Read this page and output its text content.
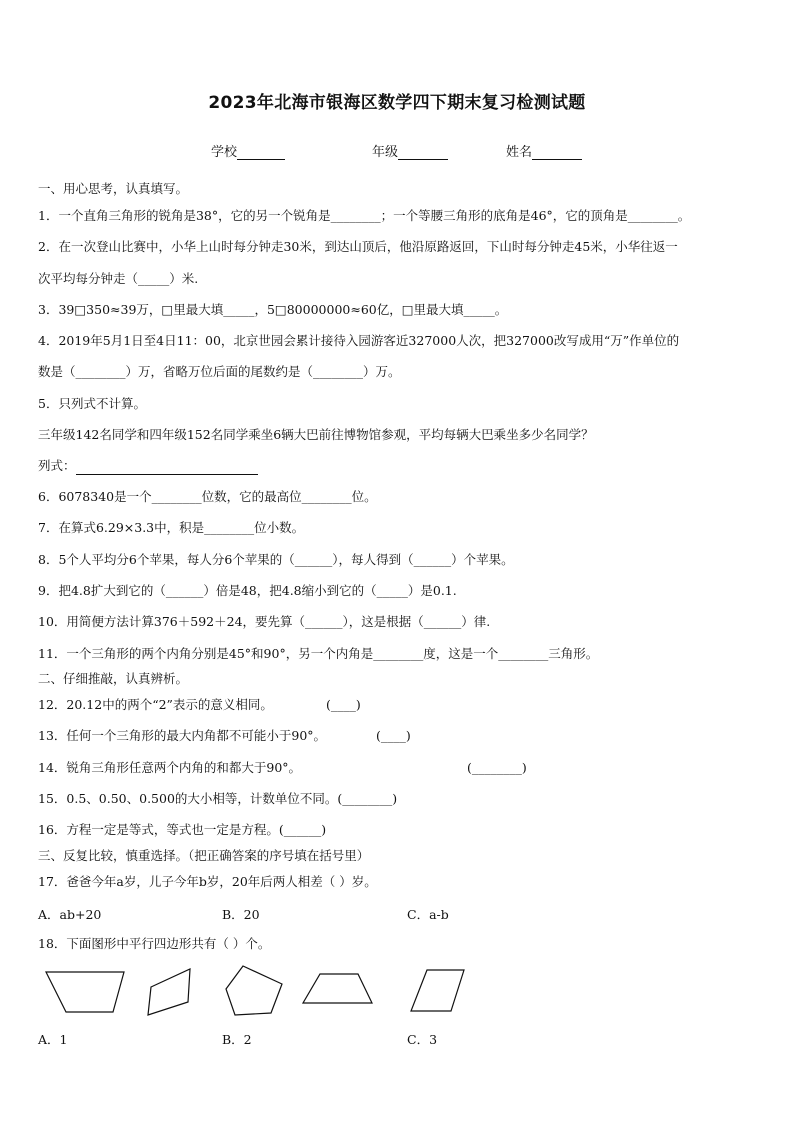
2023年北海市银海区数学四下期末复习检测试题
学校	年级	姓名
一、用心思考，认真填写。
1．一个直角三角形的锐角是38°，它的另一个锐角是________；一个等腰三角形的底角是46°，它的顶角是________。
2．在一次登山比赛中，小华上山时每分钟走30米，到达山顶后，他沿原路返回，下山时每分钟走45米，小华往返一
次平均每分钟走（_____）米.
3．39□350≈39万，□里最大填_____，5□80000000≈60亿，□里最大填_____。
4．2019年5月1日至4日11：00，北京世园会累计接待入园游客近327000人次，把327000改写成用“万”作单位的
数是（________）万，省略万位后面的尾数约是（________）万。
5．只列式不计算。
三年级142名同学和四年级152名同学乘坐6辆大巴前往博物馆参观，平均每辆大巴乘坐多少名同学？
列式：
6．6078340是一个________位数，它的最高位________位。
7．在算式6.29×3.3中，积是________位小数。
8．5个人平均分6个苹果，每人分6个苹果的（______），每人得到（______）个苹果。
9．把4.8扩大到它的（______）倍是48，把4.8缩小到它的（_____）是0.1.
10．用简便方法计算376＋592＋24，要先算（______），这是根据（______）律.
11．一个三角形的两个内角分别是45°和90°，另一个内角是________度，这是一个________三角形。
二、仔细推敲，认真辨析。
12．20.12中的两个“2”表示的意义相同。	(____)
13．任何一个三角形的最大内角都不可能小于90°。	(____)
14．锐角三角形任意两个内角的和都大于90°。	(________)
15．0.5、0.50、0.500的大小相等，计数单位不同。(________)
16．方程一定是等式，等式也一定是方程。(______)
三、反复比较，慎重选择。（把正确答案的序号填在括号里）
17．爸爸今年a岁，儿子今年b岁，20年后两人相差（ ）岁。
A．ab+20	B．20	C．a-b
18．下面图形中平行四边形共有（ ）个。
A．1	B．2	C．3
